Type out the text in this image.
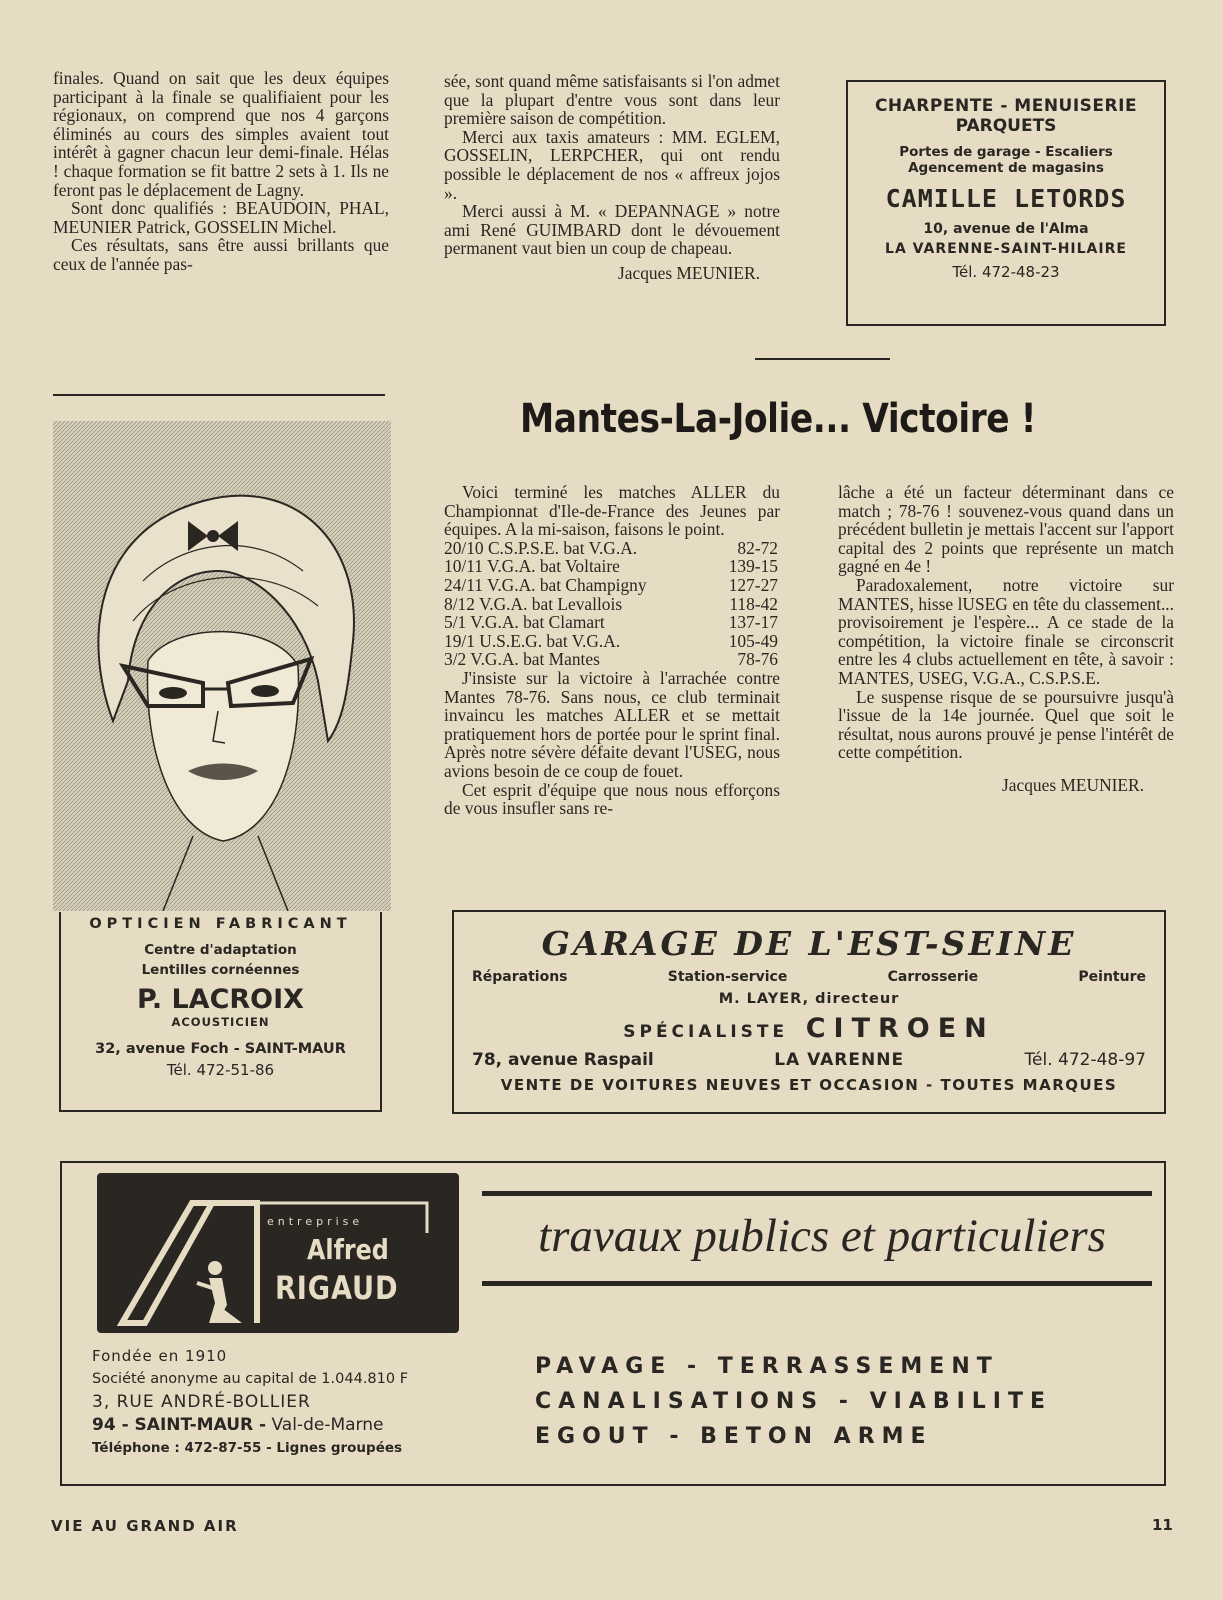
finales. Quand on sait que les deux équipes participant à la finale se qualifiaient pour les régionaux, on comprend que nos 4 garçons éliminés au cours des simples avaient tout intérêt à gagner chacun leur demi-finale. Hélas ! chaque formation se fit battre 2 sets à 1. Ils ne feront pas le déplacement de Lagny.

Sont donc qualifiés : BEAUDOIN, PHAL, MEUNIER Patrick, GOSSELIN Michel.

Ces résultats, sans être aussi brillants que ceux de l'année pas-

sée, sont quand même satisfaisants si l'on admet que la plupart d'entre vous sont dans leur première saison de compétition.

Merci aux taxis amateurs : MM. EGLEM, GOSSELIN, LERPCHER, qui ont rendu possible le déplacement de nos « affreux jojos ».

Merci aussi à M. « DEPANNAGE » notre ami René GUIMBARD dont le dévouement permanent vaut bien un coup de chapeau.

Jacques MEUNIER.
CHARPENTE - MENUISERIE
PARQUETS
Portes de garage - Escaliers
Agencement de magasins
CAMILLE LETORDS
10, avenue de l'Alma
LA VARENNE-SAINT-HILAIRE
Tél. 472-48-23
OPTICIEN FABRICANT
Centre d'adaptation
Lentilles cornéennes
P. LACROIX
ACOUSTICIEN
32, avenue Foch - SAINT-MAUR
Tél. 472-51-86
Mantes-La-Jolie... Victoire !

Voici terminé les matches ALLER du Championnat d'Ile-de-France des Jeunes par équipes. A la mi-saison, faisons le point.

20/10 C.S.P.S.E. bat V.G.A.	82-72
10/11 V.G.A. bat Voltaire	139-15
24/11 V.G.A. bat Champigny	127-27
8/12 V.G.A. bat Levallois	118-42
5/1 V.G.A. bat Clamart	137-17
19/1 U.S.E.G. bat V.G.A.	105-49
3/2 V.G.A. bat Mantes	78-76

J'insiste sur la victoire à l'arrachée contre Mantes 78-76. Sans nous, ce club terminait invaincu les matches ALLER et se mettait pratiquement hors de portée pour le sprint final. Après notre sévère défaite devant l'USEG, nous avions besoin de ce coup de fouet.

Cet esprit d'équipe que nous nous efforçons de vous insufler sans re-

lâche a été un facteur déterminant dans ce match ; 78-76 ! souvenez-vous quand dans un précédent bulletin je mettais l'accent sur l'apport capital des 2 points que représente un match gagné en 4e !

Paradoxalement, notre victoire sur MANTES, hisse lUSEG en tête du classement... provisoirement je l'espère... A ce stade de la compétition, la victoire finale se circonscrit entre les 4 clubs actuellement en tête, à savoir : MANTES, USEG, V.G.A., C.S.P.S.E.

Le suspense risque de se poursuivre jusqu'à l'issue de la 14e journée. Quel que soit le résultat, nous aurons prouvé je pense l'intérêt de cette compétition.

Jacques MEUNIER.
GARAGE DE L'EST-SEINE
Réparations	Station-service	Carrosserie	Peinture
M. LAYER, directeur
SPÉCIALISTE CITROEN
78, avenue Raspail	LA VARENNE	Tél. 472-48-97
VENTE DE VOITURES NEUVES ET OCCASION - TOUTES MARQUES
entreprise
Alfred
RIGAUD
travaux publics et particuliers
Fondée en 1910
Société anonyme au capital de 1.044.810 F
3, RUE ANDRÉ-BOLLIER
94 - SAINT-MAUR - Val-de-Marne
Téléphone : 472-87-55 - Lignes groupées
PAVAGE - TERRASSEMENT
CANALISATIONS - VIABILITE
EGOUT - BETON ARME
VIE AU GRAND AIR	11
